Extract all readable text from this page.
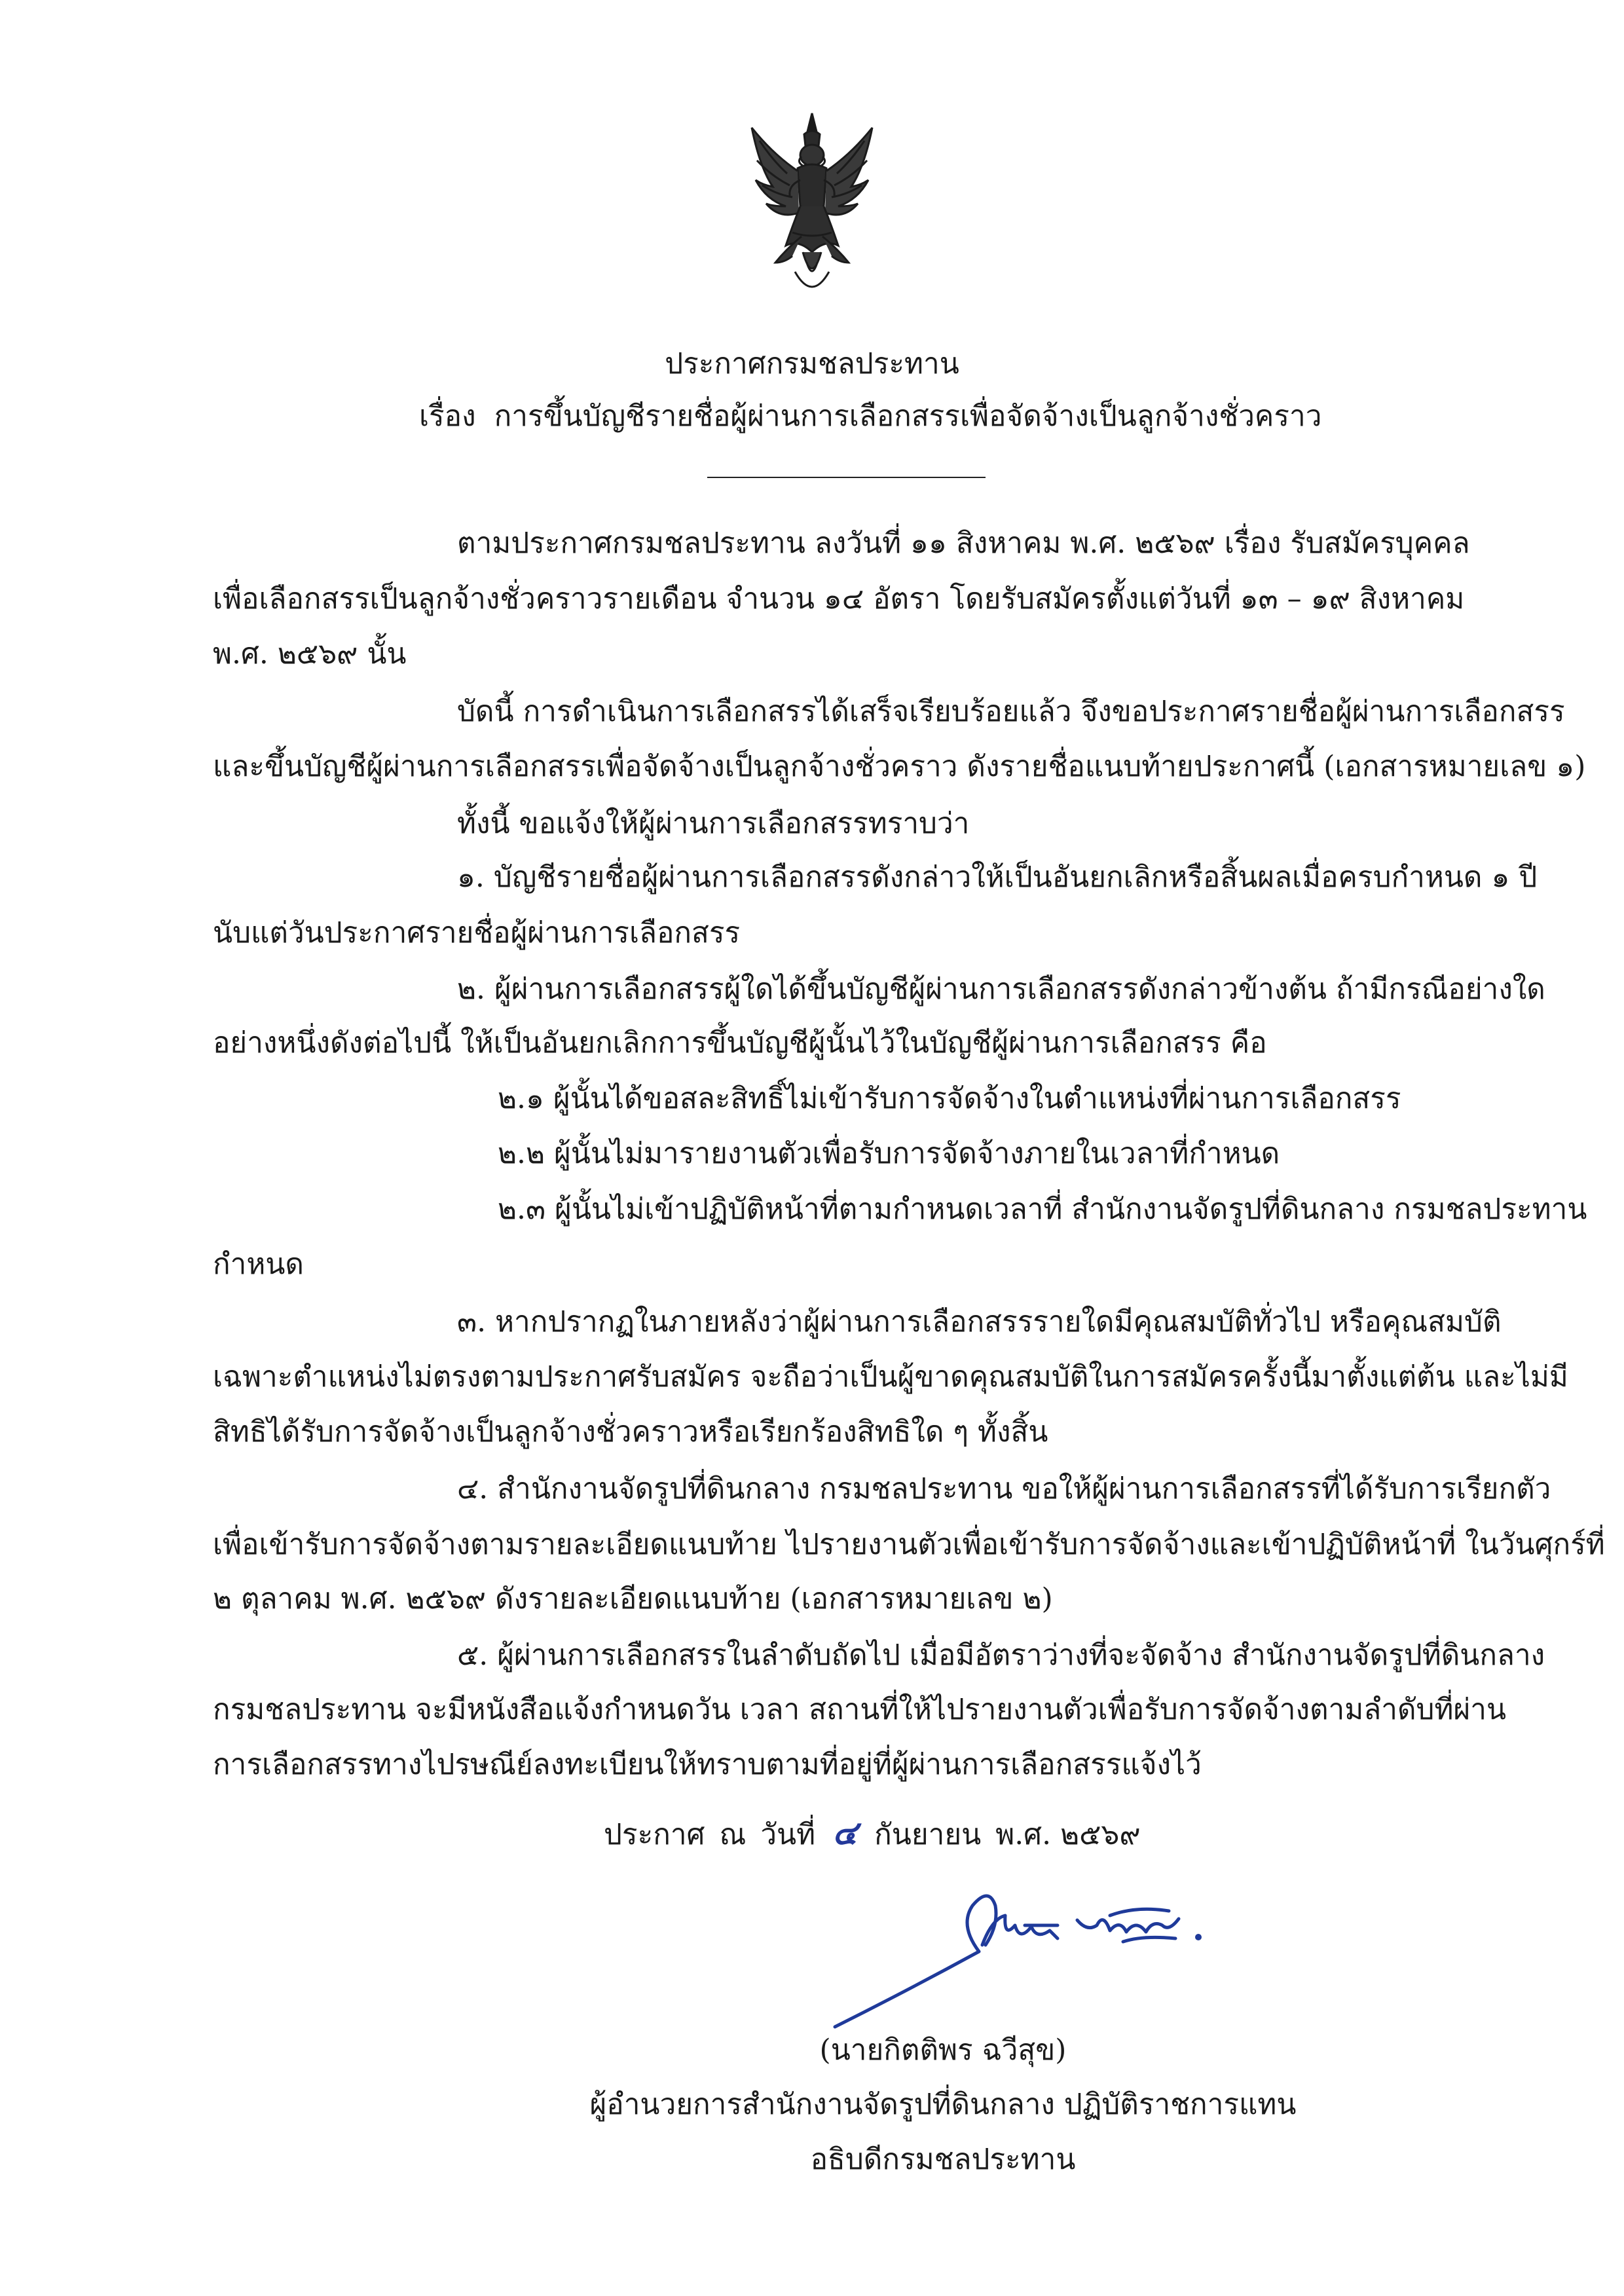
ประกาศกรมชลประทาน
เรื่อง การขึ้นบัญชีรายชื่อผู้ผ่านการเลือกสรรเพื่อจัดจ้างเป็นลูกจ้างชั่วคราว
ตามประกาศกรมชลประทาน ลงวันที่ ๑๑ สิงหาคม พ.ศ. ๒๕๖๙ เรื่อง รับสมัครบุคคล
เพื่อเลือกสรรเป็นลูกจ้างชั่วคราวรายเดือน จำนวน ๑๔ อัตรา โดยรับสมัครตั้งแต่วันที่ ๑๓ – ๑๙ สิงหาคม
พ.ศ. ๒๕๖๙ นั้น
บัดนี้ การดำเนินการเลือกสรรได้เสร็จเรียบร้อยแล้ว จึงขอประกาศรายชื่อผู้ผ่านการเลือกสรร
และขึ้นบัญชีผู้ผ่านการเลือกสรรเพื่อจัดจ้างเป็นลูกจ้างชั่วคราว ดังรายชื่อแนบท้ายประกาศนี้ (เอกสารหมายเลข ๑)
ทั้งนี้ ขอแจ้งให้ผู้ผ่านการเลือกสรรทราบว่า
๑. บัญชีรายชื่อผู้ผ่านการเลือกสรรดังกล่าวให้เป็นอันยกเลิกหรือสิ้นผลเมื่อครบกำหนด ๑ ปี
นับแต่วันประกาศรายชื่อผู้ผ่านการเลือกสรร
๒. ผู้ผ่านการเลือกสรรผู้ใดได้ขึ้นบัญชีผู้ผ่านการเลือกสรรดังกล่าวข้างต้น ถ้ามีกรณีอย่างใด
อย่างหนึ่งดังต่อไปนี้ ให้เป็นอันยกเลิกการขึ้นบัญชีผู้นั้นไว้ในบัญชีผู้ผ่านการเลือกสรร คือ
๒.๑ ผู้นั้นได้ขอสละสิทธิ์ไม่เข้ารับการจัดจ้างในตำแหน่งที่ผ่านการเลือกสรร
๒.๒ ผู้นั้นไม่มารายงานตัวเพื่อรับการจัดจ้างภายในเวลาที่กำหนด
๒.๓ ผู้นั้นไม่เข้าปฏิบัติหน้าที่ตามกำหนดเวลาที่ สำนักงานจัดรูปที่ดินกลาง กรมชลประทาน
กำหนด
๓. หากปรากฏในภายหลังว่าผู้ผ่านการเลือกสรรรายใดมีคุณสมบัติทั่วไป หรือคุณสมบัติ
เฉพาะตำแหน่งไม่ตรงตามประกาศรับสมัคร จะถือว่าเป็นผู้ขาดคุณสมบัติในการสมัครครั้งนี้มาตั้งแต่ต้น และไม่มี
สิทธิได้รับการจัดจ้างเป็นลูกจ้างชั่วคราวหรือเรียกร้องสิทธิใด ๆ ทั้งสิ้น
๔. สำนักงานจัดรูปที่ดินกลาง กรมชลประทาน ขอให้ผู้ผ่านการเลือกสรรที่ได้รับการเรียกตัว
เพื่อเข้ารับการจัดจ้างตามรายละเอียดแนบท้าย ไปรายงานตัวเพื่อเข้ารับการจัดจ้างและเข้าปฏิบัติหน้าที่ ในวันศุกร์ที่
๒ ตุลาคม พ.ศ. ๒๕๖๙ ดังรายละเอียดแนบท้าย (เอกสารหมายเลข ๒)
๕. ผู้ผ่านการเลือกสรรในลำดับถัดไป เมื่อมีอัตราว่างที่จะจัดจ้าง สำนักงานจัดรูปที่ดินกลาง
กรมชลประทาน จะมีหนังสือแจ้งกำหนดวัน เวลา สถานที่ให้ไปรายงานตัวเพื่อรับการจัดจ้างตามลำดับที่ผ่าน
การเลือกสรรทางไปรษณีย์ลงทะเบียนให้ทราบตามที่อยู่ที่ผู้ผ่านการเลือกสรรแจ้งไว้
ประกาศ ณ วันที่ ๔ กันยายน พ.ศ. ๒๕๖๙
(นายกิตติพร ฉวีสุข)
ผู้อำนวยการสำนักงานจัดรูปที่ดินกลาง ปฏิบัติราชการแทน
อธิบดีกรมชลประทาน
